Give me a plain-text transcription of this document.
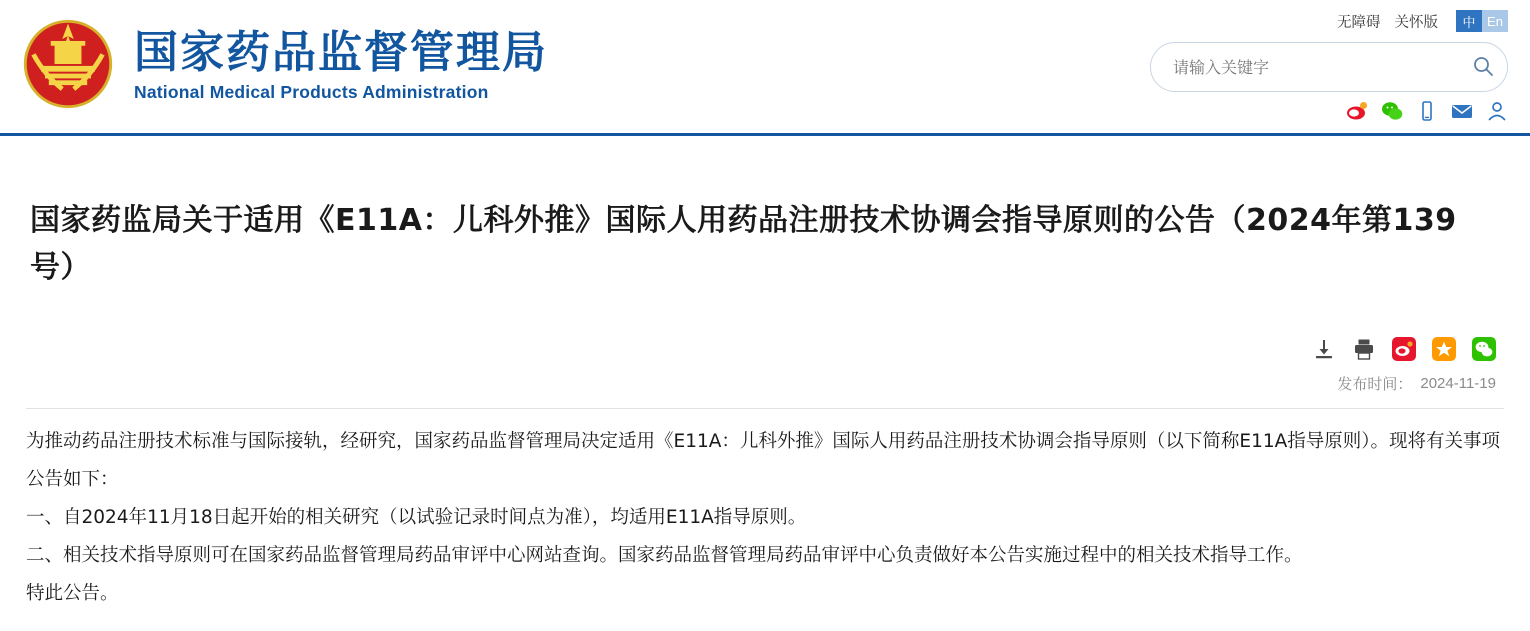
国家药品监督管理局
National Medical Products Administration
无障碍 关怀版	中 En
请输入关键字
国家药监局关于适用《E11A：儿科外推》国际人用药品注册技术协调会指导原则的公告（2024年第139号）
发布时间： 2024-11-19

为推动药品注册技术标准与国际接轨，经研究，国家药品监督管理局决定适用《E11A：儿科外推》国际人用药品注册技术协调会指导原则（以下简称E11A指导原则）。现将有关事项公告如下：

一、自2024年11月18日起开始的相关研究（以试验记录时间点为准），均适用E11A指导原则。

二、相关技术指导原则可在国家药品监督管理局药品审评中心网站查询。国家药品监督管理局药品审评中心负责做好本公告实施过程中的相关技术指导工作。

特此公告。
